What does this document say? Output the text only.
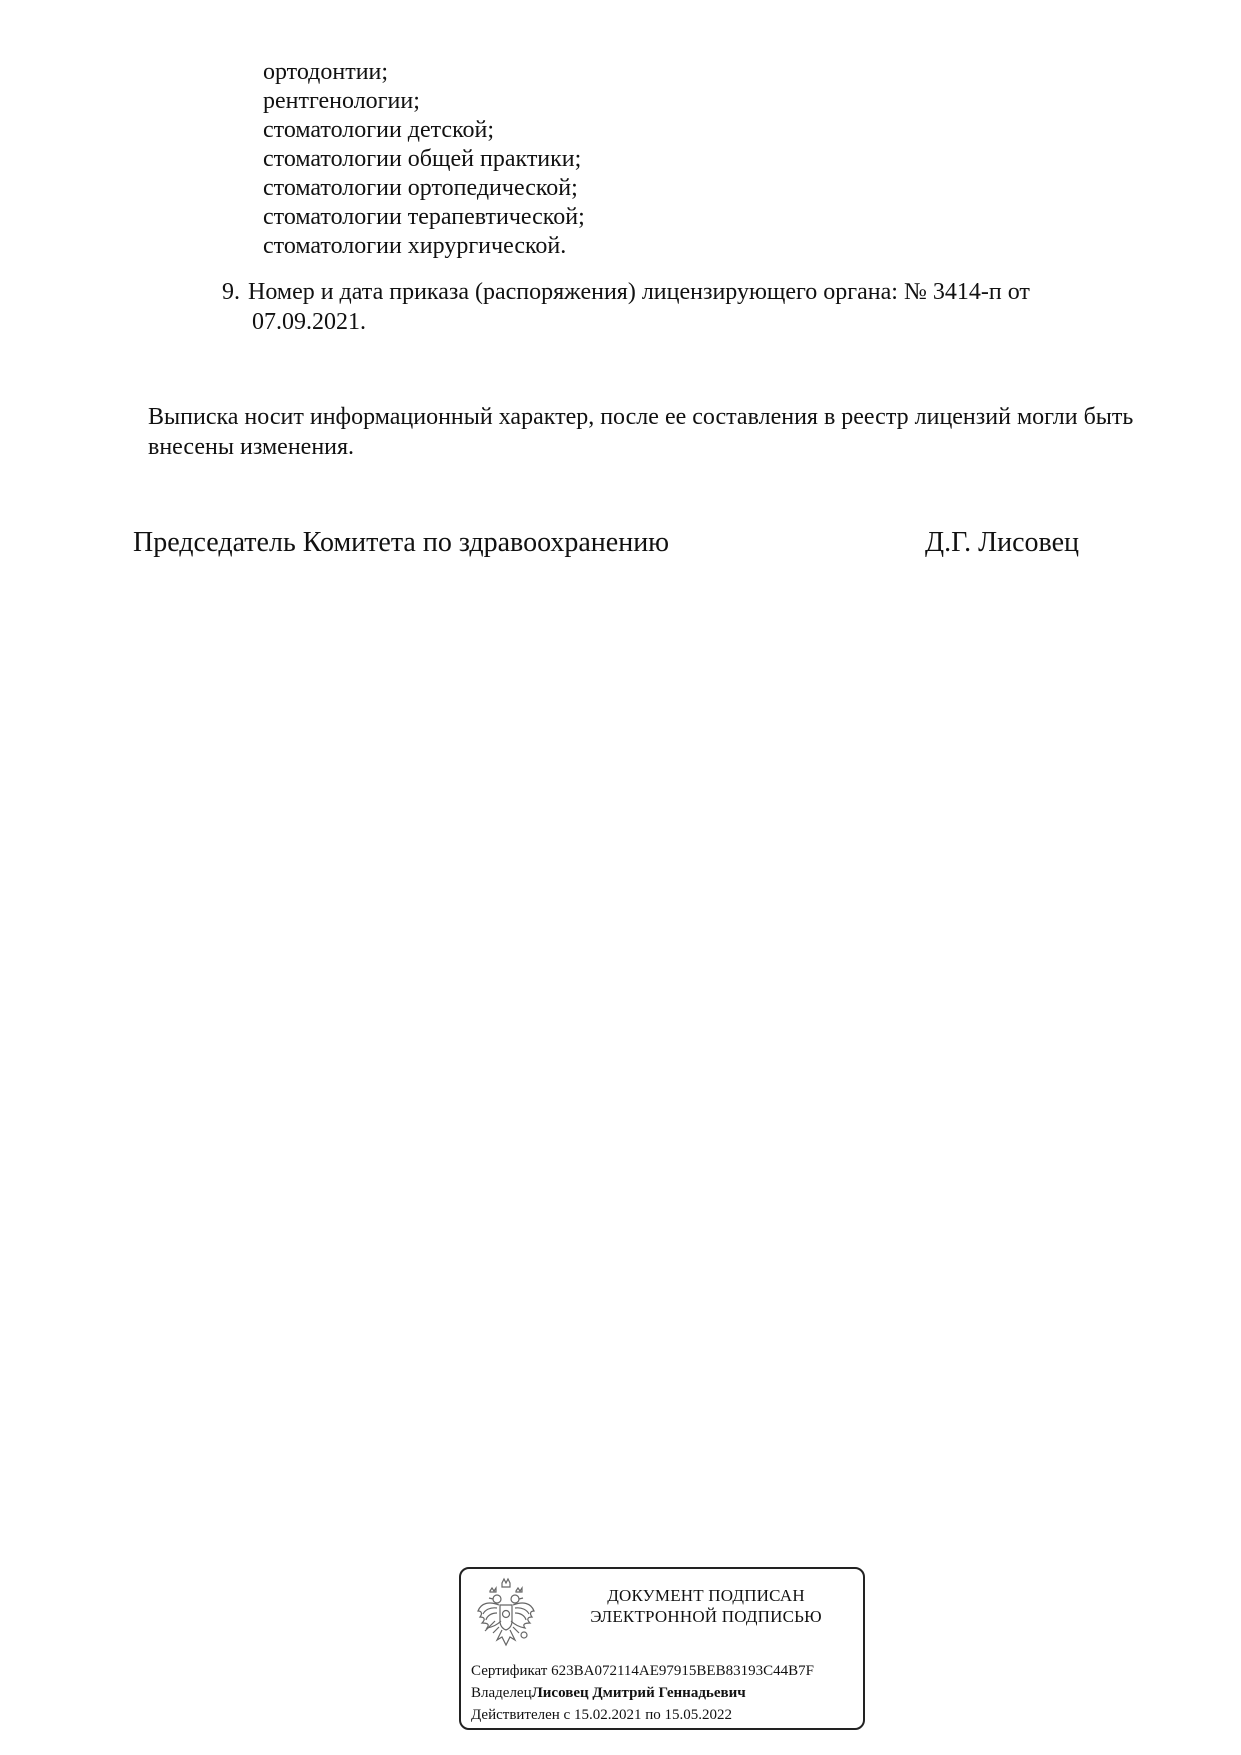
ортодонтии;
рентгенологии;
стоматологии детской;
стоматологии общей практики;
стоматологии ортопедической;
стоматологии терапевтической;
стоматологии хирургической.
9. Номер и дата приказа (распоряжения) лицензирующего органа: № 3414-п от
07.09.2021.
Выписка носит информационный характер, после ее составления в реестр лицензий могли быть
внесены изменения.
Председатель Комитета по здравоохранению	Д.Г. Лисовец
ДОКУМЕНТ ПОДПИСАН
ЭЛЕКТРОННОЙ ПОДПИСЬЮ
Сертификат 623BA072114AE97915BEB83193C44B7F
ВладелецЛисовец Дмитрий Геннадьевич
Действителен с 15.02.2021 по 15.05.2022
